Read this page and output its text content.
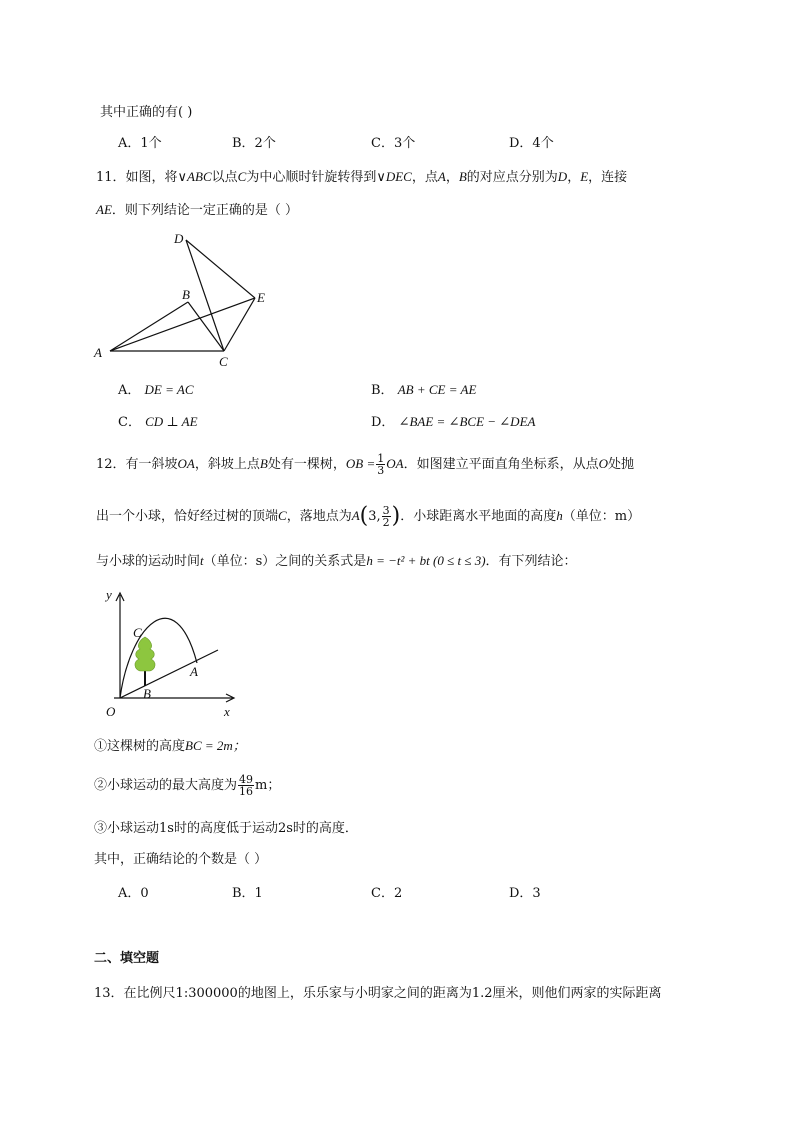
其中正确的有( )
A．1个	B．2个	C．3个	D．4个
11．如图，将∨ABC以点C为中心顺时针旋转得到∨DEC，点A，B的对应点分别为D，E，连接
AE．则下列结论一定正确的是（ ）
D
B	E
A
C
A． DE = AC	B． AB + CE = AE
C． CD ⊥ AE	D． ∠BAE = ∠BCE − ∠DEA
12．有一斜坡OA，斜坡上点B处有一棵树，OB = $\frac{1}{3}$ OA．如图建立平面直角坐标系，从点O处抛
出一个小球，恰好经过树的顶端C，落地点为A(3, $\frac{3}{2}$ )．小球距离水平地面的高度h（单位：m）
与小球的运动时间t（单位：s）之间的关系式是h = −t² + bt (0 ≤ t ≤ 3)．有下列结论：
y
C
A
B
O	x
①这棵树的高度BC = 2m；
②小球运动的最大高度为 $\frac{49}{16}$ m；
③小球运动1s时的高度低于运动2s时的高度．
其中，正确结论的个数是（ ）
A．0	B．1	C．2	D．3
二、填空题
13．在比例尺1:300000的地图上，乐乐家与小明家之间的距离为1.2厘米，则他们两家的实际距离
